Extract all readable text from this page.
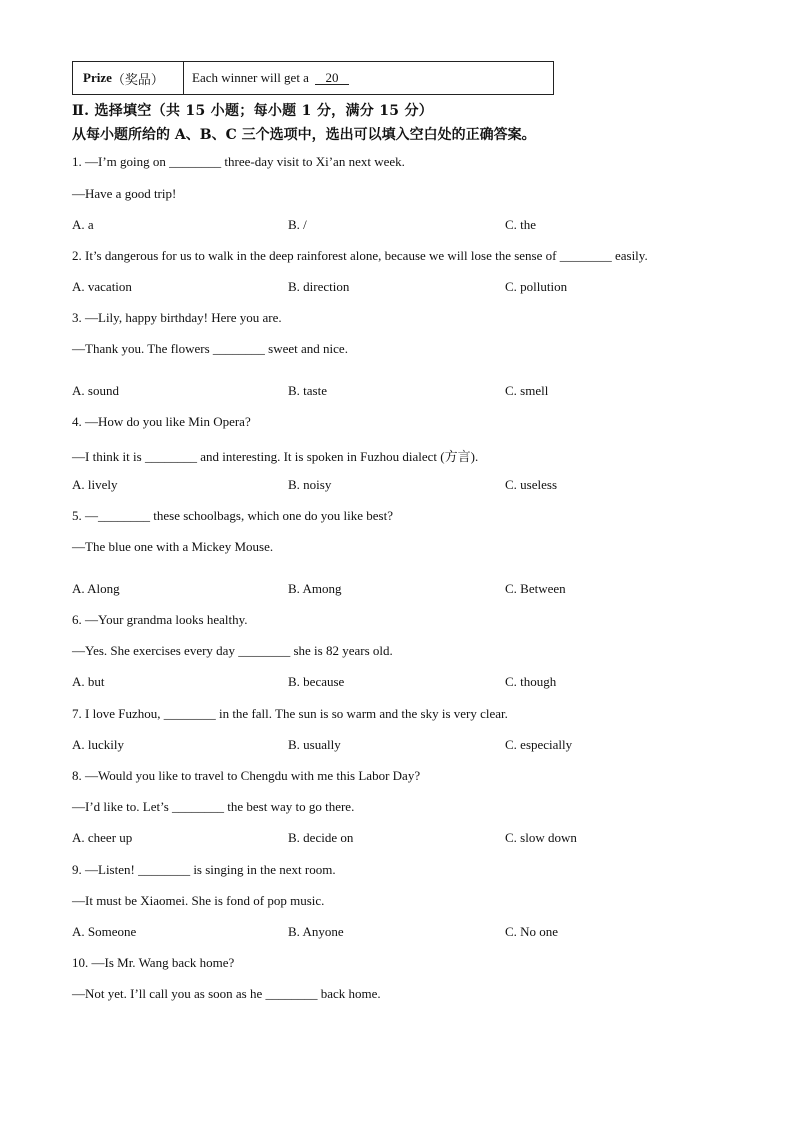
Prize （奖品） Each winner will get a	20
Ⅱ. 选择填空（共 15 小题；每小题 1 分，满分 15 分）
从每小题所给的 A、B、C 三个选项中，选出可以填入空白处的正确答案。
1. —I’m going on ________ three-day visit to Xi’an next week.
—Have a good trip!
A. a	B. /	C. the
2. It’s dangerous for us to walk in the deep rainforest alone, because we will lose the sense of ________ easily.
A. vacation	B. direction	C. pollution
3. —Lily, happy birthday! Here you are.
—Thank you. The flowers ________ sweet and nice.
A. sound	B. taste	C. smell
4. —How do you like Min Opera?
—I think it is ________ and interesting. It is spoken in Fuzhou dialect (方言).
A. lively	B. noisy	C. useless
5. —________ these schoolbags, which one do you like best?
—The blue one with a Mickey Mouse.
A. Along	B. Among	C. Between
6. —Your grandma looks healthy.
—Yes. She exercises every day ________ she is 82 years old.
A. but	B. because	C. though
7. I love Fuzhou, ________ in the fall. The sun is so warm and the sky is very clear.
A. luckily	B. usually	C. especially
8. —Would you like to travel to Chengdu with me this Labor Day?
—I’d like to. Let’s ________ the best way to go there.
A. cheer up	B. decide on	C. slow down
9. —Listen! ________ is singing in the next room.
—It must be Xiaomei. She is fond of pop music.
A. Someone	B. Anyone	C. No one
10. —Is Mr. Wang back home?
—Not yet. I’ll call you as soon as he ________ back home.
